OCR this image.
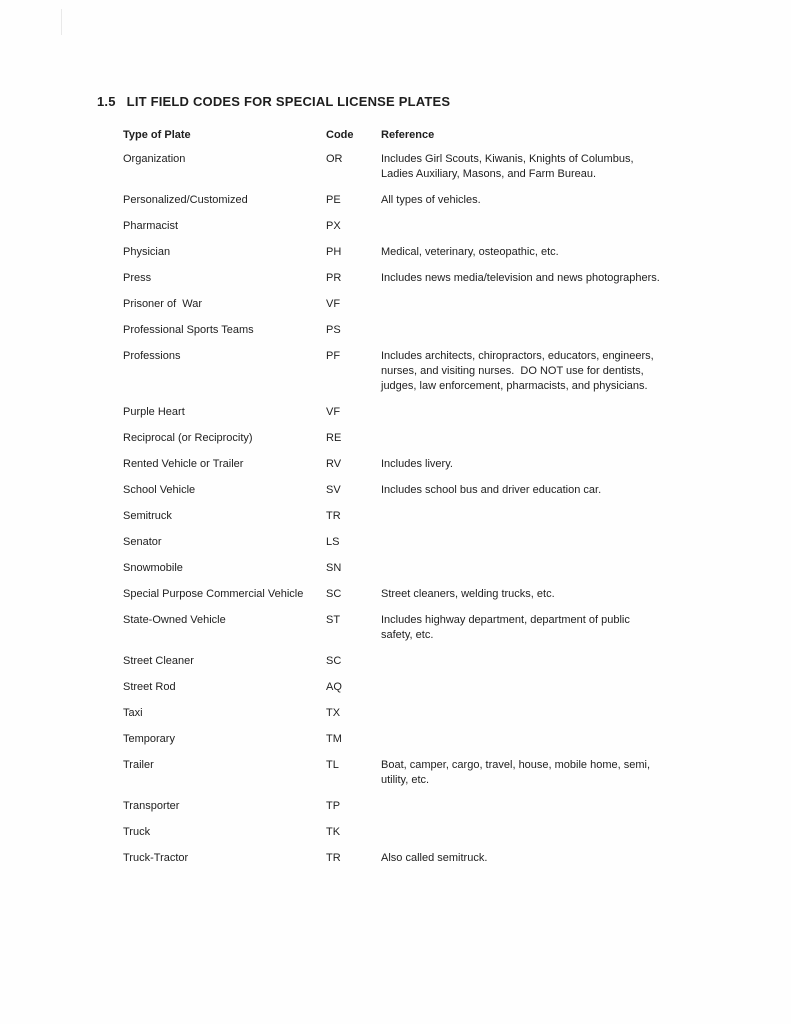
1.5 LIT FIELD CODES FOR SPECIAL LICENSE PLATES
Type of Plate	Code	Reference
Organization	OR	Includes Girl Scouts, Kiwanis, Knights of Columbus, Ladies Auxiliary, Masons, and Farm Bureau.
Personalized/Customized	PE	All types of vehicles.
Pharmacist	PX
Physician	PH	Medical, veterinary, osteopathic, etc.
Press	PR	Includes news media/television and news photographers.
Prisoner of  War	VF
Professional Sports Teams	PS
Professions	PF	Includes architects, chiropractors, educators, engineers, nurses, and visiting nurses.  DO NOT use for dentists, judges, law enforcement, pharmacists, and physicians.
Purple Heart	VF
Reciprocal (or Reciprocity)	RE
Rented Vehicle or Trailer	RV	Includes livery.
School Vehicle	SV	Includes school bus and driver education car.
Semitruck	TR
Senator	LS
Snowmobile	SN
Special Purpose Commercial Vehicle	SC	Street cleaners, welding trucks, etc.
State-Owned Vehicle	ST	Includes highway department, department of public safety, etc.
Street Cleaner	SC
Street Rod	AQ
Taxi	TX
Temporary	TM
Trailer	TL	Boat, camper, cargo, travel, house, mobile home, semi, utility, etc.
Transporter	TP
Truck	TK
Truck-Tractor	TR	Also called semitruck.
